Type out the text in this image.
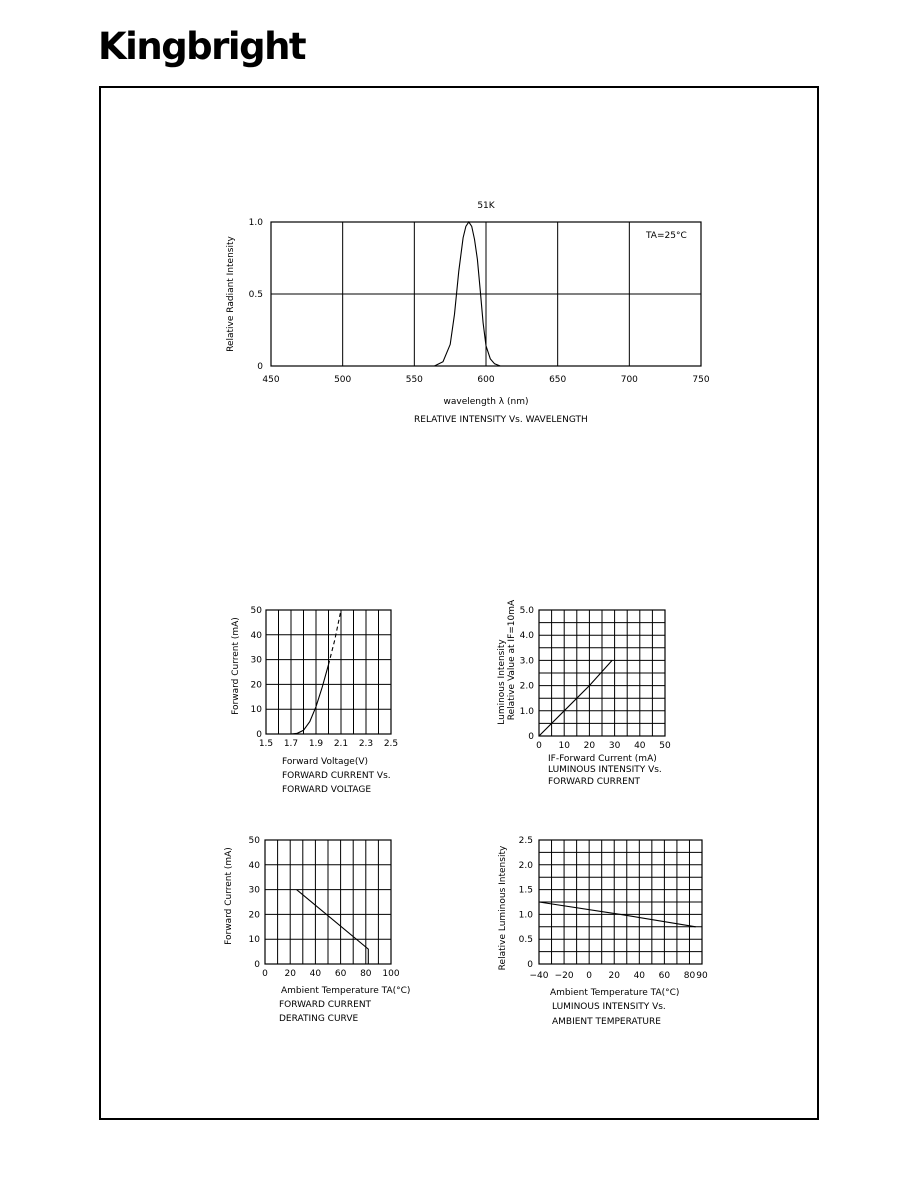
Kingbright
450	500	550	600	650	700	750
0
0.5
1.0
51K
wavelength λ (nm)
Relative Radiant Intensity
RELATIVE INTENSITY Vs. WAVELENGTH
TA=25°C
1.5 1.7 1.9 2.1 2.3 2.5
0
10
20
30
40
50
Forward Voltage(V)
Forward Current (mA)
FORWARD CURRENT Vs.
FORWARD VOLTAGE
0 10 20 30 40 50
0
1.0
2.0
3.0
4.0
5.0
IF-Forward Current (mA)
Luminous Intensity Relative Value at IF=10mA
LUMINOUS INTENSITY Vs.
FORWARD CURRENT
0 20 40 60 80 100
0
10
20
30
40
50
Ambient Temperature TA(°C)
Forward Current (mA)
FORWARD CURRENT
DERATING CURVE
−40 −20 0 20 40 60 80 90
0
0.5
1.0
1.5
2.0
2.5
Ambient Temperature TA(°C)
Relative Luminous Intensity
LUMINOUS INTENSITY Vs.
AMBIENT TEMPERATURE
